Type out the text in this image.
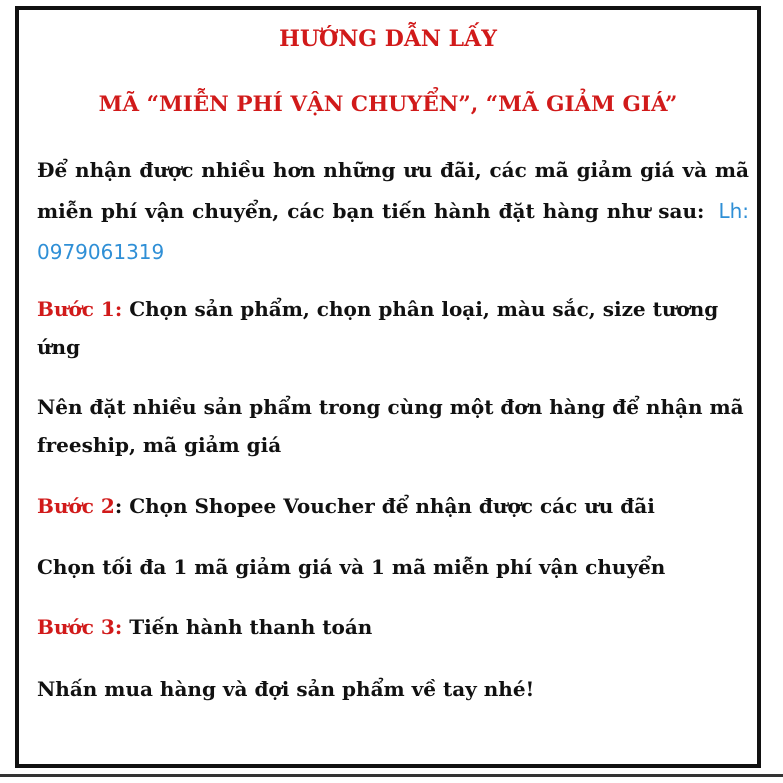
HƯỚNG DẪN LẤY

MÃ “MIỄN PHÍ VẬN CHUYỂN”, “MÃ GIẢM GIÁ”

Để nhận được nhiều hơn những ưu đãi, các mã giảm giá và mã miễn phí vận chuyển, các bạn tiến hành đặt hàng như sau: Lh: 0979061319

Bước 1: Chọn sản phẩm, chọn phân loại, màu sắc, size tương ứng

Nên đặt nhiều sản phẩm trong cùng một đơn hàng để nhận mã freeship, mã giảm giá

Bước 2: Chọn Shopee Voucher để nhận được các ưu đãi

Chọn tối đa 1 mã giảm giá và 1 mã miễn phí vận chuyển

Bước 3: Tiến hành thanh toán

Nhấn mua hàng và đợi sản phẩm về tay nhé!
